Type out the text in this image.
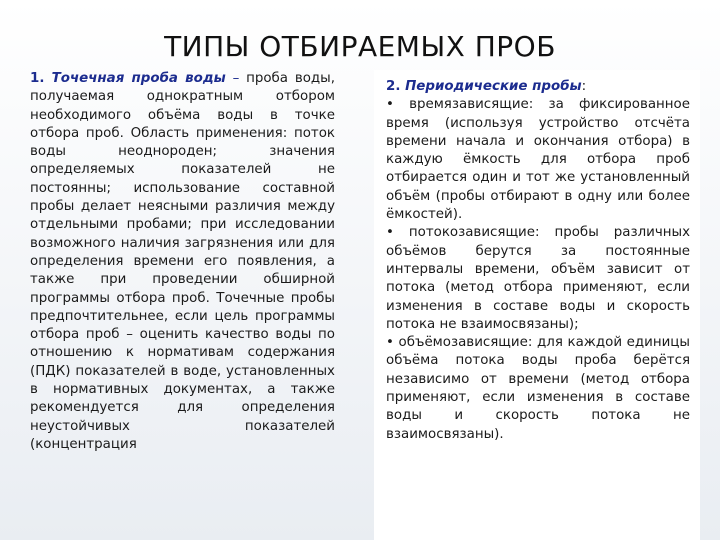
ТИПЫ ОТБИРАЕМЫХ ПРОБ

1. Точечная проба воды – проба воды, получаемая однократным отбором необходимого объёма воды в точке отбора проб. Область применения: поток воды неоднороден; значения определяемых показателей не постоянны; использование составной пробы делает неясными различия между отдельными пробами; при исследовании возможного наличия загрязнения или для определения времени его появления, а также при проведении обширной программы отбора проб. Точечные пробы предпочтительнее, если цель программы отбора проб – оценить качество воды по отношению к нормативам содержания (ПДК) показателей в воде, установленных в нормативных документах, а также рекомендуется для определения неустойчивых показателей (концентрация

2. Периодические пробы:

• времязависящие: за фиксированное время (используя устройство отсчёта времени начала и окончания отбора) в каждую ёмкость для отбора проб отбирается один и тот же установленный объём (пробы отбирают в одну или более ёмкостей).

• потокозависящие: пробы различных объёмов берутся за постоянные интервалы времени, объём зависит от потока (метод отбора применяют, если изменения в составе воды и скорость потока не взаимосвязаны);

• объёмозависящие: для каждой единицы объёма потока воды проба берётся независимо от времени (метод отбора применяют, если изменения в составе воды и скорость потока не взаимосвязаны).
